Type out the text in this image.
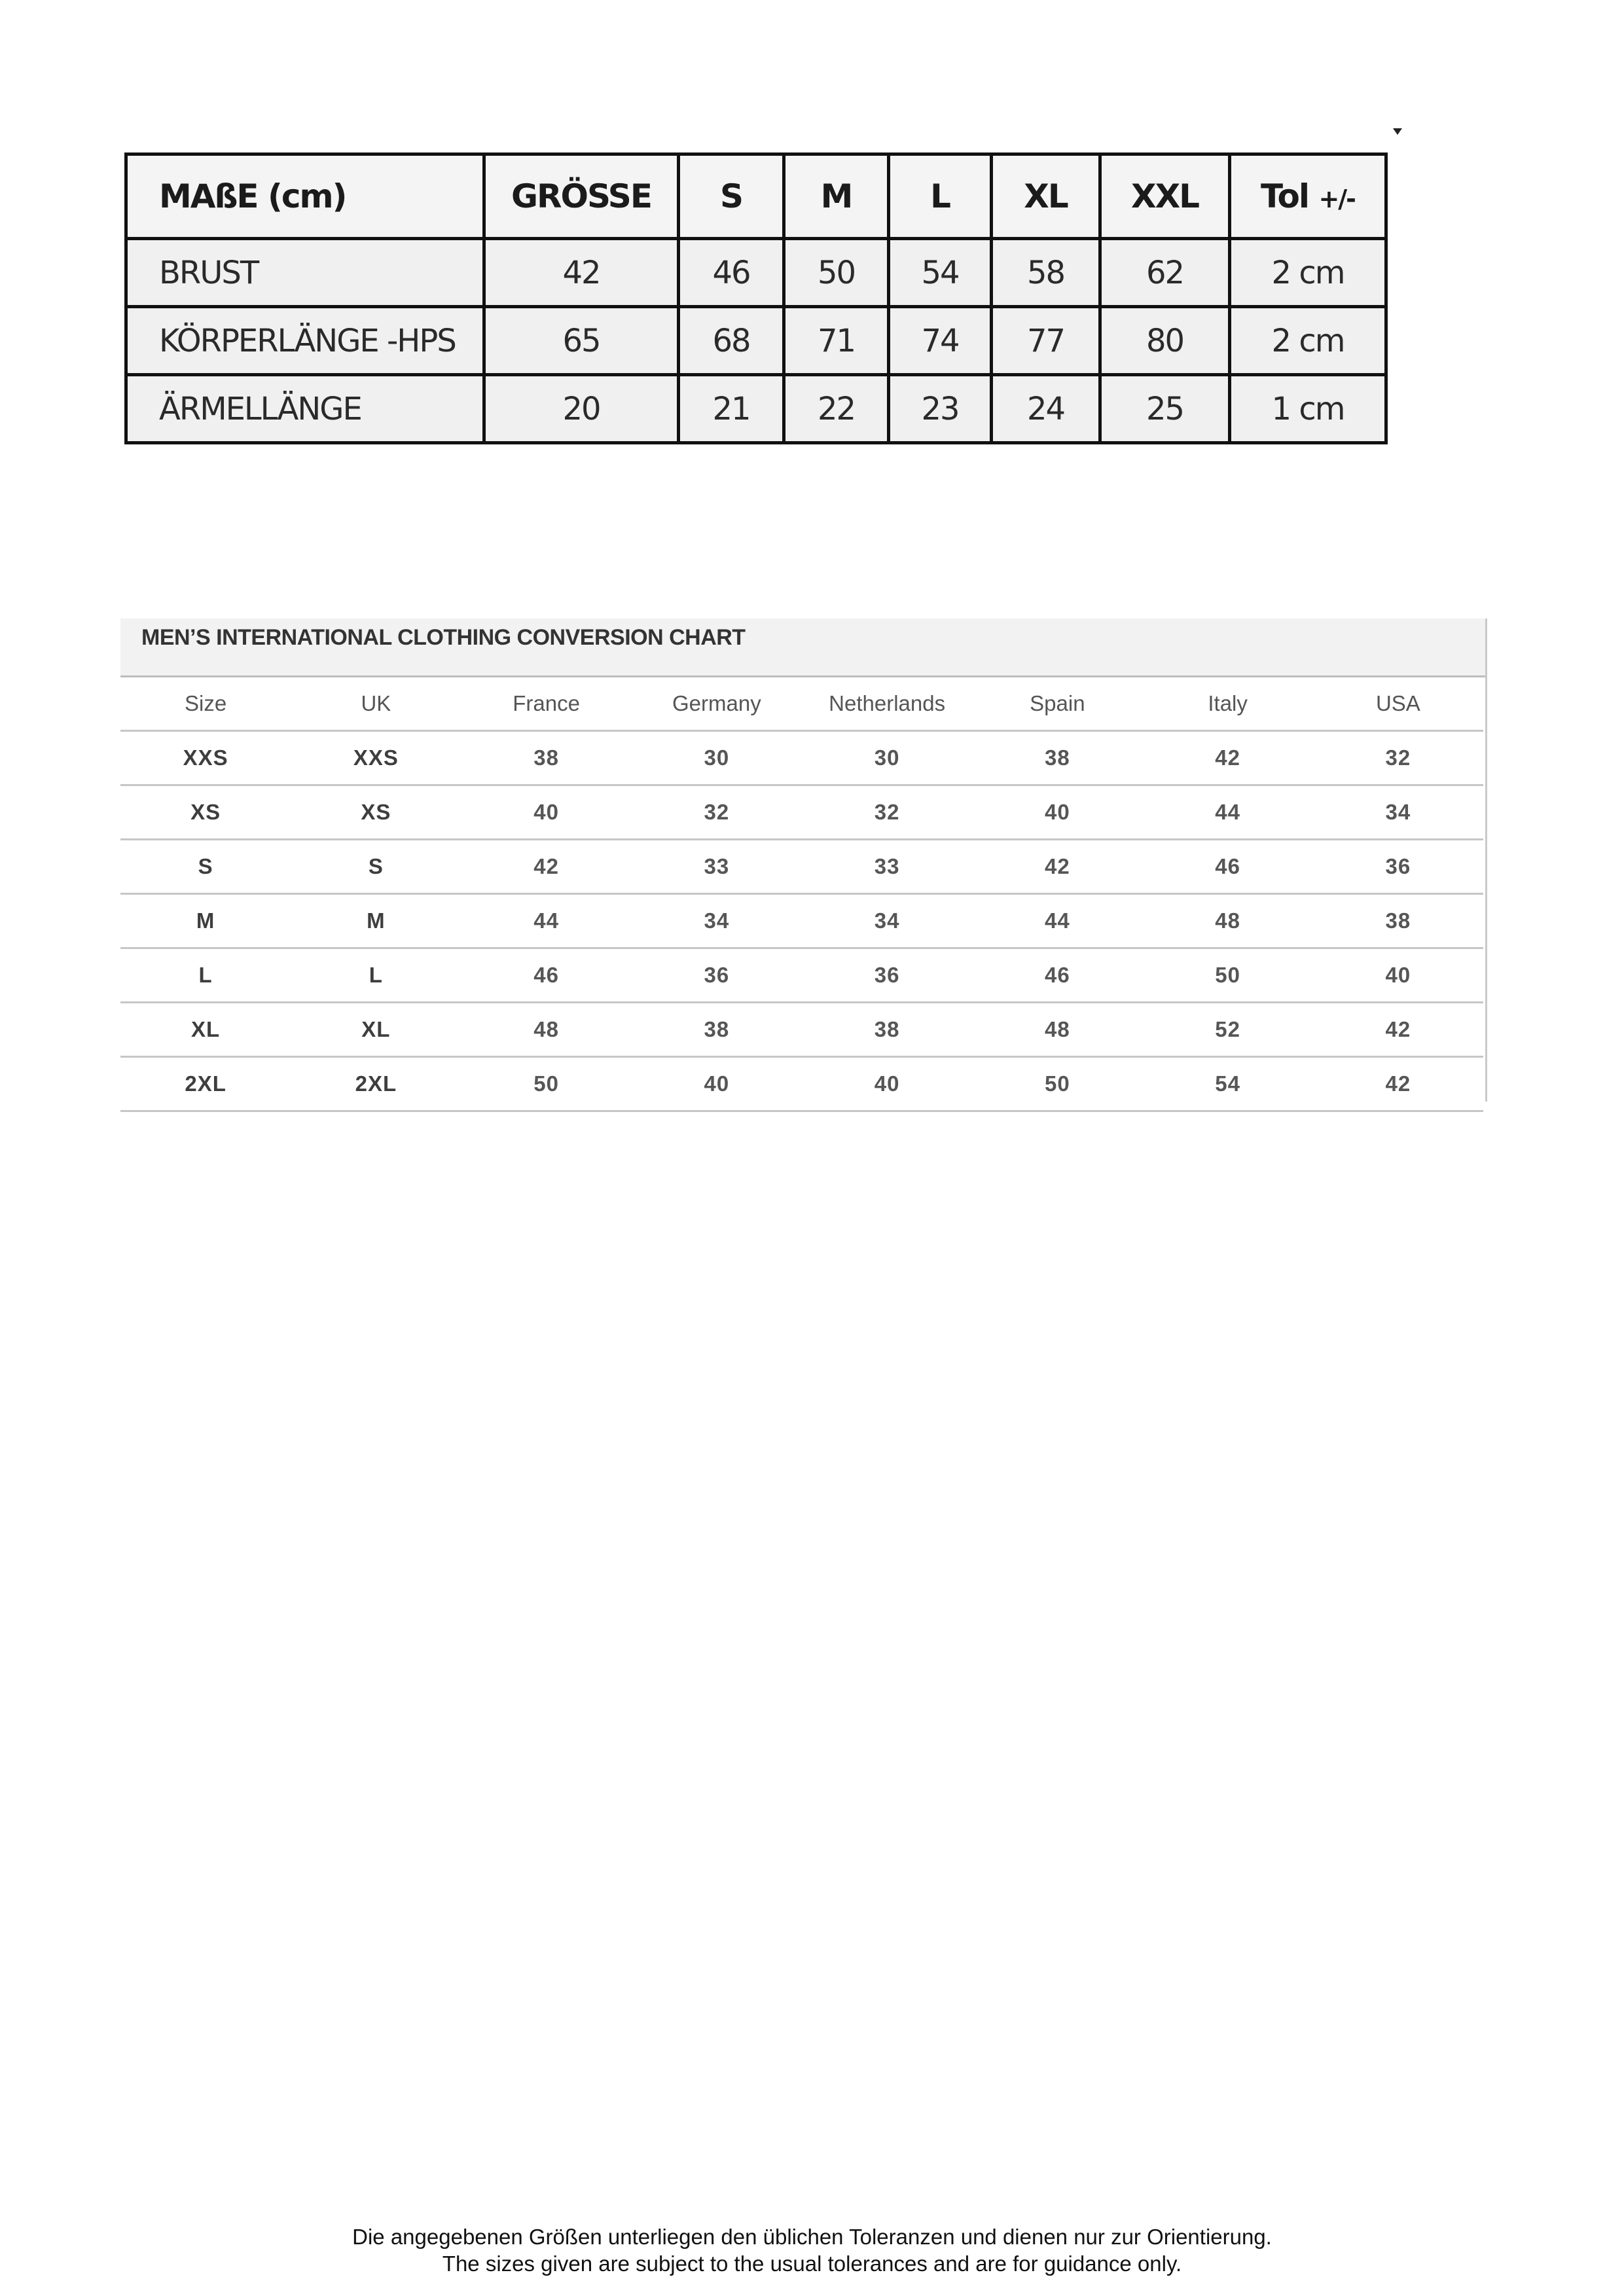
MAßE (cm)	GRÖSSE	S	M	L	XL	XXL	Tol +/-
BRUST	42	46	50	54	58	62	2 cm
KÖRPERLÄNGE -HPS	65	68	71	74	77	80	2 cm
ÄRMELLÄNGE	20	21	22	23	24	25	1 cm
MEN’S INTERNATIONAL CLOTHING CONVERSION CHART
Size	UK	France	Germany	Netherlands	Spain	Italy	USA
XXS	XXS	38	30	30	38	42	32
XS	XS	40	32	32	40	44	34
S	S	42	33	33	42	46	36
M	M	44	34	34	44	48	38
L	L	46	36	36	46	50	40
XL	XL	48	38	38	48	52	42
2XL	2XL	50	40	40	50	54	42
Die angegebenen Größen unterliegen den üblichen Toleranzen und dienen nur zur Orientierung.
The sizes given are subject to the usual tolerances and are for guidance only.
